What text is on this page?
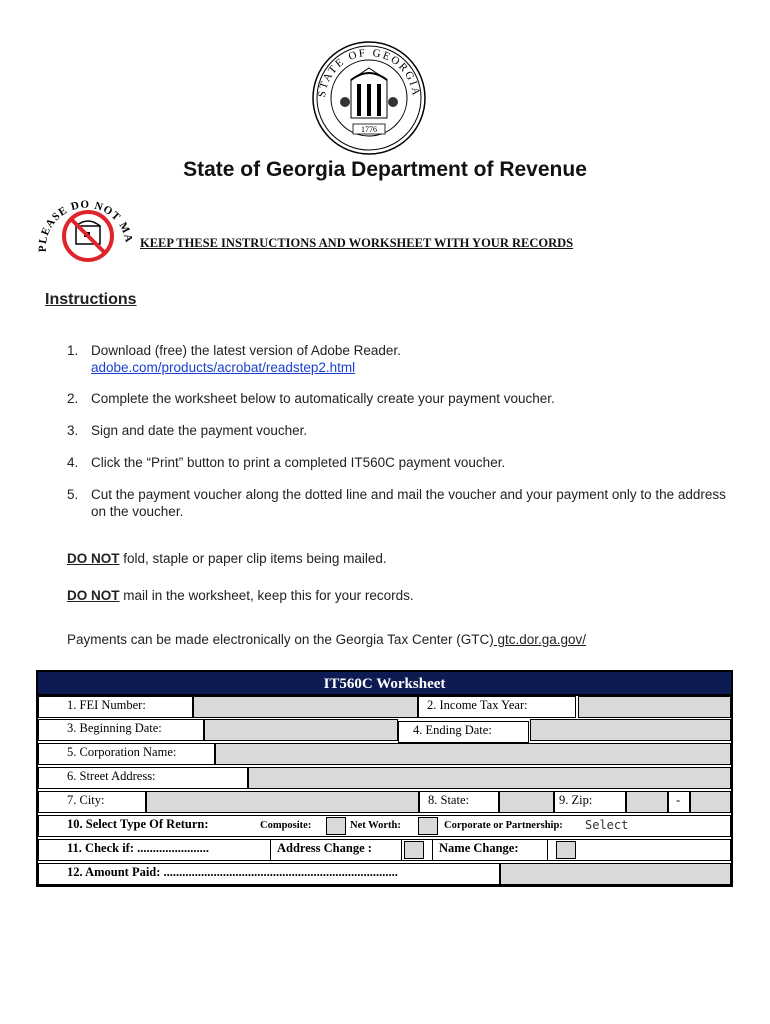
STATE OF GEORGIA
1776
State of Georgia Department of Revenue
PLEASE DO NOT M
KEEP THESE INSTRUCTIONS AND WORKSHEET WITH YOUR RECORDS
Instructions
1. Download (free) the latest version of Adobe Reader.
adobe.com/products/acrobat/readstep2.html
2. Complete the worksheet below to automatically create your payment voucher.
3. Sign and date the payment voucher.
4. Click the “Print” button to print a completed IT560C payment voucher.
5. Cut the payment voucher along the dotted line and mail the voucher and your payment only to the address on the voucher.
DO NOT fold, staple or paper clip items being mailed.
DO NOT mail in the worksheet, keep this for your records.
Payments can be made electronically on the Georgia Tax Center (GTC) gtc.dor.ga.gov/
IT560C Worksheet
1. FEI Number:	2. Income Tax Year:
3. Beginning Date:	4. Ending Date:
5. Corporation Name:
6. Street Address:
7. City:	8. State:	9. Zip:	-
10. Select Type Of Return:	Composite:	Net Worth:	Corporate or Partnership: Select
11. Check if: .......................	Address Change :	Name Change:
12. Amount Paid: ...........................................................................
